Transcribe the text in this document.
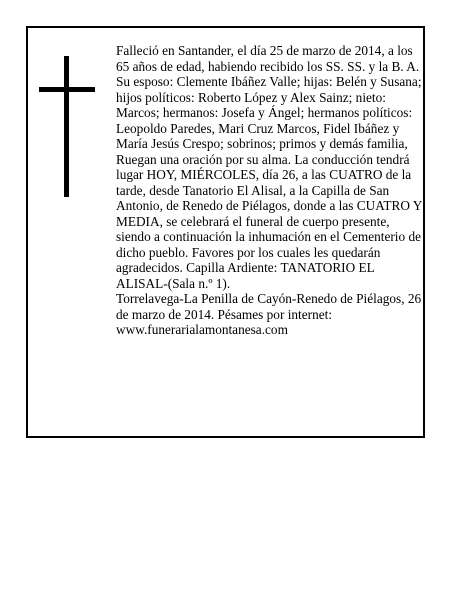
Falleció en Santander, el día 25 de marzo de 2014, a los 65 años de edad, habiendo recibido los SS. SS. y la B. A.

Su esposo: Clemente Ibáñez Valle; hijas: Belén y Susana; hijos políticos: Roberto López y Alex Sainz; nieto: Marcos; hermanos: Josefa y Ángel; hermanos políticos: Leopoldo Paredes, Mari Cruz Marcos, Fidel Ibáñez y María Jesús Crespo; sobrinos; primos y demás familia,

Ruegan una oración por su alma. La conducción tendrá lugar HOY, MIÉRCOLES, día 26, a las CUATRO de la tarde, desde Tanatorio El Alisal, a la Capilla de San Antonio, de Renedo de Piélagos, donde a las CUATRO Y MEDIA, se celebrará el funeral de cuerpo presente, siendo a continuación la inhumación en el Cementerio de dicho pueblo. Favores por los cuales les quedarán agradecidos. Capilla Ardiente: TANATORIO EL ALISAL-(Sala n.º 1).

Torrelavega-La Penilla de Cayón-Renedo de Piélagos, 26 de marzo de 2014. Pésames por internet: www.funerarialamontanesa.com
